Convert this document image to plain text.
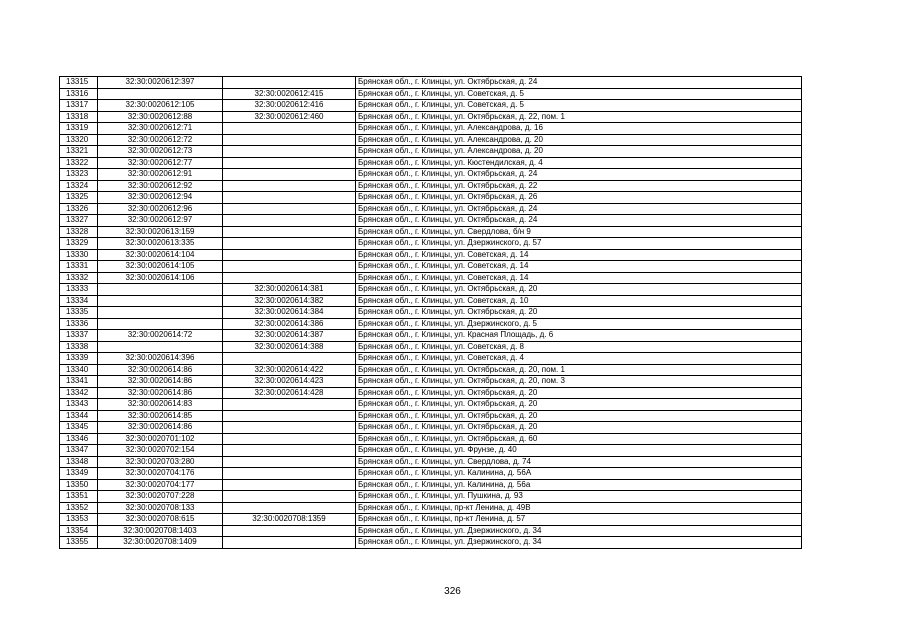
13315	32:30:0020612:397		Брянская обл., г. Клинцы, ул. Октябрьская, д. 24
13316		32:30:0020612:415	Брянская обл., г. Клинцы, ул. Советская, д. 5
13317	32:30:0020612:105	32:30:0020612:416	Брянская обл., г. Клинцы, ул. Советская, д. 5
13318	32:30:0020612:88	32:30:0020612:460	Брянская обл., г. Клинцы, ул. Октябрьская, д. 22, пом. 1
13319	32:30:0020612:71		Брянская обл., г. Клинцы, ул. Александрова, д. 16
13320	32:30:0020612:72		Брянская обл., г. Клинцы, ул. Александрова, д. 20
13321	32:30:0020612:73		Брянская обл., г. Клинцы, ул. Александрова, д. 20
13322	32:30:0020612:77		Брянская обл., г. Клинцы, ул. Кюстендилская, д. 4
13323	32:30:0020612:91		Брянская обл., г. Клинцы, ул. Октябрьская, д. 24
13324	32:30:0020612:92		Брянская обл., г. Клинцы, ул. Октябрьская, д. 22
13325	32:30:0020612:94		Брянская обл., г. Клинцы, ул. Октябрьская, д. 26
13326	32:30:0020612:96		Брянская обл., г. Клинцы, ул. Октябрьская, д. 24
13327	32:30:0020612:97		Брянская обл., г. Клинцы, ул. Октябрьская, д. 24
13328	32:30:0020613:159		Брянская обл., г. Клинцы, ул. Свердлова, б/н 9
13329	32:30:0020613:335		Брянская обл., г. Клинцы, ул. Дзержинского, д. 57
13330	32:30:0020614:104		Брянская обл., г. Клинцы, ул. Советская, д. 14
13331	32:30:0020614:105		Брянская обл., г. Клинцы, ул. Советская, д. 14
13332	32:30:0020614:106		Брянская обл., г. Клинцы, ул. Советская, д. 14
13333		32:30:0020614:381	Брянская обл., г. Клинцы, ул. Октябрьская, д. 20
13334		32:30:0020614:382	Брянская обл., г. Клинцы, ул. Советская, д. 10
13335		32:30:0020614:384	Брянская обл., г. Клинцы, ул. Октябрьская, д. 20
13336		32:30:0020614:386	Брянская обл., г. Клинцы, ул. Дзержинского, д. 5
13337	32:30:0020614:72	32:30:0020614:387	Брянская обл., г. Клинцы, ул. Красная Площадь, д. 6
13338		32:30:0020614:388	Брянская обл., г. Клинцы, ул. Советская, д. 8
13339	32:30:0020614:396		Брянская обл., г. Клинцы, ул. Советская, д. 4
13340	32:30:0020614:86	32:30:0020614:422	Брянская обл., г. Клинцы, ул. Октябрьская, д. 20, пом. 1
13341	32:30:0020614:86	32:30:0020614:423	Брянская обл., г. Клинцы, ул. Октябрьская, д. 20, пом. 3
13342	32:30:0020614:86	32:30:0020614:428	Брянская обл., г. Клинцы, ул. Октябрьская, д. 20
13343	32:30:0020614:83		Брянская обл., г. Клинцы, ул. Октябрьская, д. 20
13344	32:30:0020614:85		Брянская обл., г. Клинцы, ул. Октябрьская, д. 20
13345	32:30:0020614:86		Брянская обл., г. Клинцы, ул. Октябрьская, д. 20
13346	32:30:0020701:102		Брянская обл., г. Клинцы, ул. Октябрьская, д. 60
13347	32:30:0020702:154		Брянская обл., г. Клинцы, ул. Фрунзе, д. 40
13348	32:30:0020703:280		Брянская обл., г. Клинцы, ул. Свердлова, д. 74
13349	32:30:0020704:176		Брянская обл., г. Клинцы, ул. Калинина, д. 56А
13350	32:30:0020704:177		Брянская обл., г. Клинцы, ул. Калинина, д. 56а
13351	32:30:0020707:228		Брянская обл., г. Клинцы, ул. Пушкина, д. 93
13352	32:30:0020708:133		Брянская обл., г. Клинцы, пр-кт Ленина, д. 49В
13353	32:30:0020708:615	32:30:0020708:1359	Брянская обл., г. Клинцы, пр-кт Ленина, д. 57
13354	32:30:0020708:1403		Брянская обл., г. Клинцы, ул. Дзержинского, д. 34
13355	32:30:0020708:1409		Брянская обл., г. Клинцы, ул. Дзержинского, д. 34
326
